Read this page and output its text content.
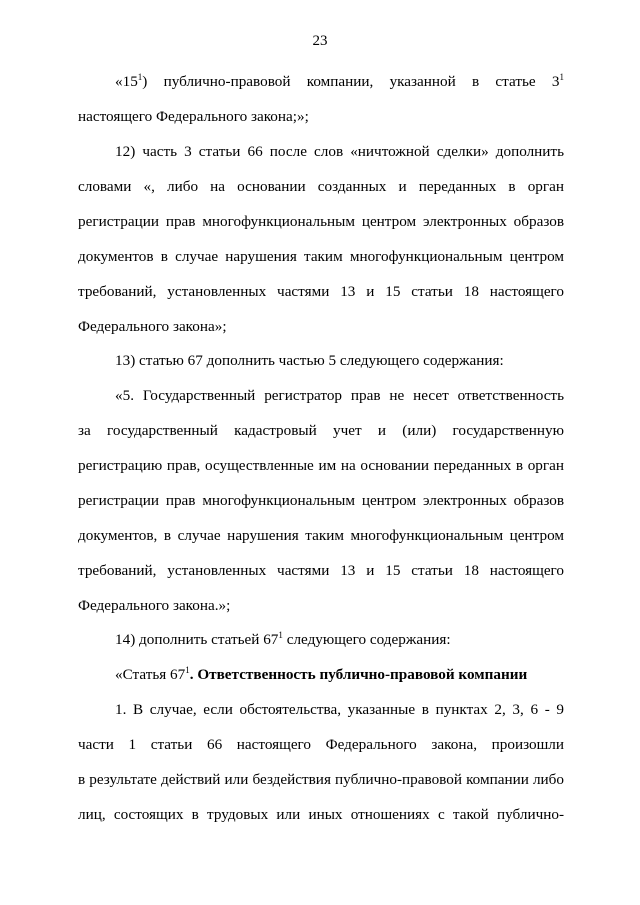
23
«$15^1$) публично-правовой компании, указанной в статье $3^1$
настоящего Федерального закона;»;
12) часть 3 статьи 66 после слов «ничтожной сделки» дополнить
словами «, либо на основании созданных и переданных в орган
регистрации прав многофункциональным центром электронных образов
документов в случае нарушения таким многофункциональным центром
требований, установленных частями 13 и 15 статьи 18 настоящего
Федерального закона»;
13) статью 67 дополнить частью 5 следующего содержания:
«5. Государственный регистратор прав не несет ответственность
за государственный кадастровый учет и (или) государственную
регистрацию прав, осуществленные им на основании переданных в орган
регистрации прав многофункциональным центром электронных образов
документов, в случае нарушения таким многофункциональным центром
требований, установленных частями 13 и 15 статьи 18 настоящего
Федерального закона.»;
14) дополнить статьей $67^1$ следующего содержания:
«Статья $67^1$. Ответственность публично-правовой компании
1. В случае, если обстоятельства, указанные в пунктах 2, 3, 6 - 9
части 1 статьи 66 настоящего Федерального закона, произошли
в результате действий или бездействия публично-правовой компании либо
лиц, состоящих в трудовых или иных отношениях с такой публично-
